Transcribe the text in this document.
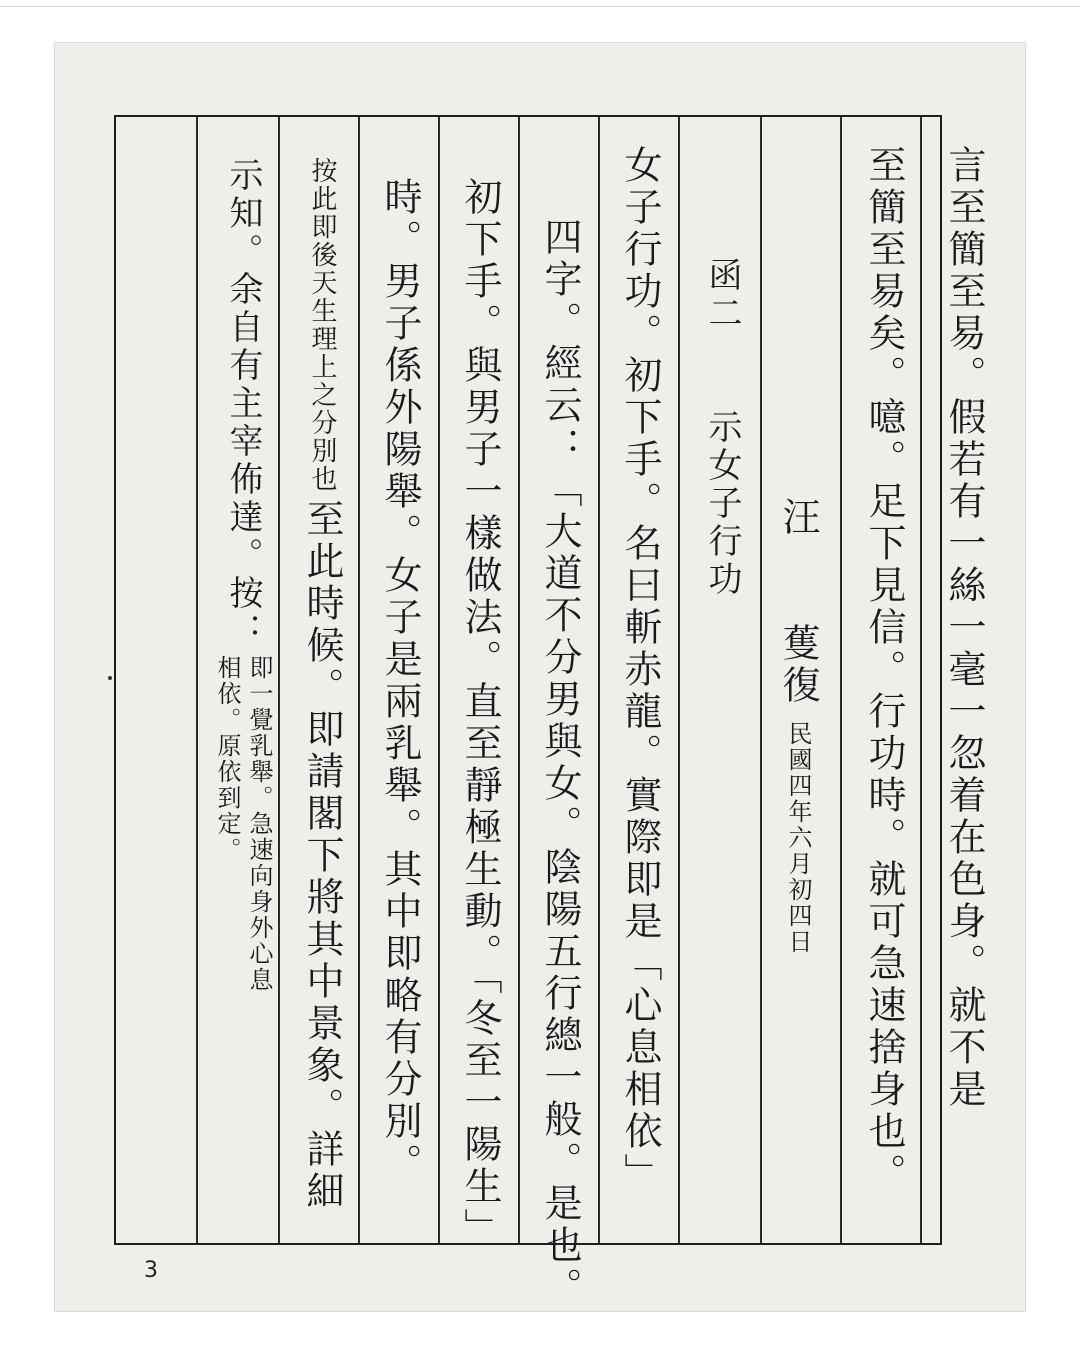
言至簡至易。假若有一絲一毫一忽着在色身。就不是
至簡至易矣。噫。足下見信。行功時。就可急速捨身也。
汪　　蒦復
民國四年六月初四日
函二　　示女子行功
女子行功。初下手。名曰斬赤龍。實際即是「心息相依」
四字。經云：「大道不分男與女。陰陽五行總一般。是也。
初下手。與男子一樣做法。直至靜極生動。「冬至一陽生」
時。男子係外陽舉。女子是兩乳舉。其中即略有分別。
按此即後天生理上之分別也
至此時候。即請閣下將其中景象。詳細
示知。余自有主宰佈達。按：
即一覺乳舉。急速向身外心息
相依。原依到定。
3
